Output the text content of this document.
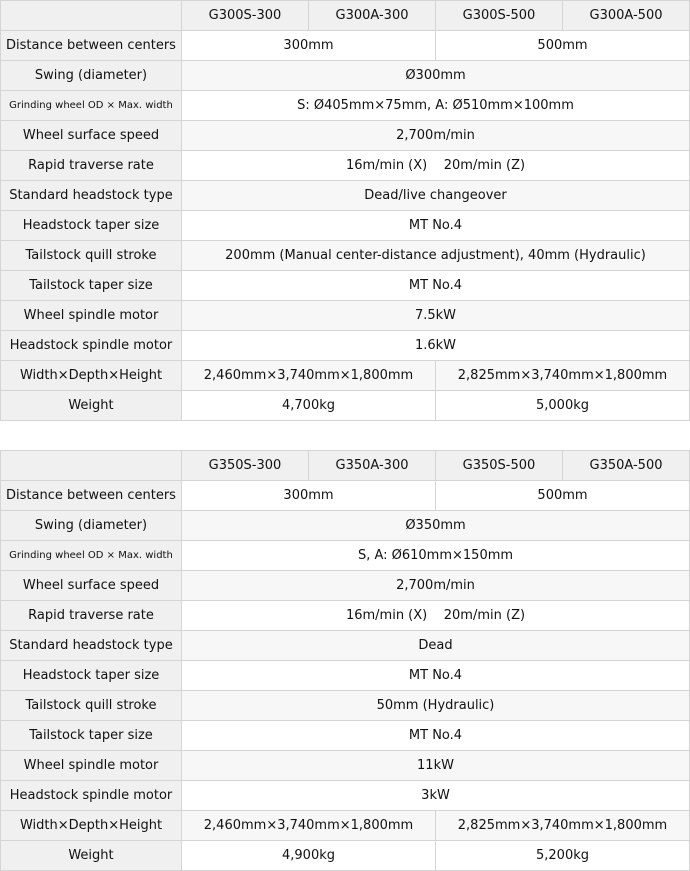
	G300S-300	G300A-300	G300S-500	G300A-500
Distance between centers	300mm		500mm	
Swing (diameter)	Ø300mm			
Grinding wheel OD × Max. width	S: Ø405mm×75mm, A: Ø510mm×100mm			
Wheel surface speed	2,700m/min			
Rapid traverse rate	16m/min (X)    20m/min (Z)			
Standard headstock type	Dead/live changeover			
Headstock taper size	MT No.4			
Tailstock quill stroke	200mm (Manual center-distance adjustment), 40mm (Hydraulic)			
Tailstock taper size	MT No.4			
Wheel spindle motor	7.5kW			
Headstock spindle motor	1.6kW			
Width×Depth×Height	2,460mm×3,740mm×1,800mm		2,825mm×3,740mm×1,800mm	
Weight	4,700kg		5,000kg	
	G350S-300	G350A-300	G350S-500	G350A-500
Distance between centers	300mm		500mm	
Swing (diameter)	Ø350mm			
Grinding wheel OD × Max. width	S, A: Ø610mm×150mm			
Wheel surface speed	2,700m/min			
Rapid traverse rate	16m/min (X)    20m/min (Z)			
Standard headstock type	Dead			
Headstock taper size	MT No.4			
Tailstock quill stroke	50mm (Hydraulic)			
Tailstock taper size	MT No.4			
Wheel spindle motor	11kW			
Headstock spindle motor	3kW			
Width×Depth×Height	2,460mm×3,740mm×1,800mm		2,825mm×3,740mm×1,800mm	
Weight	4,900kg		5,200kg	
